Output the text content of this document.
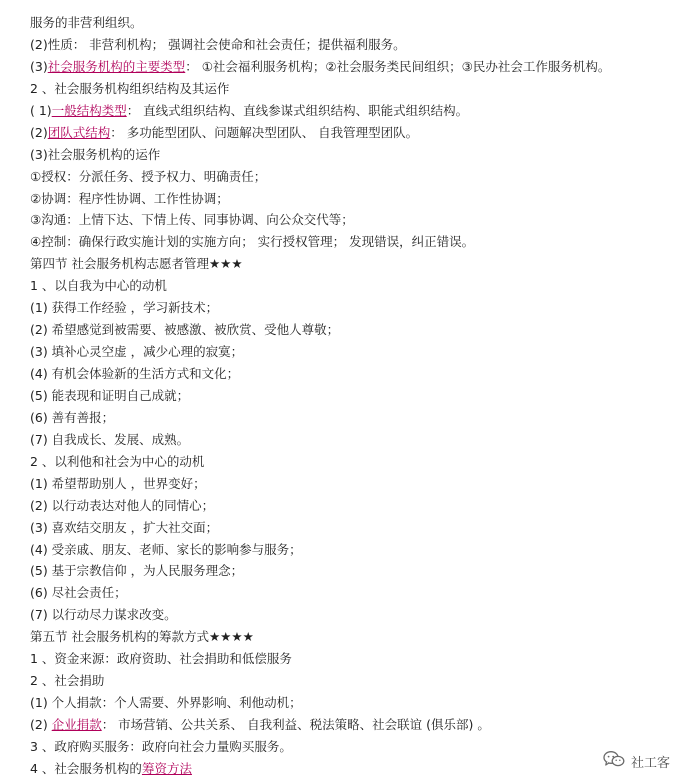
服务的非营利组织。
(2)性质： 非营利机构； 强调社会使命和社会责任；提供福利服务。
(3)社会服务机构的主要类型： ①社会福利服务机构；②社会服务类民间组织；③民办社会工作服务机构。
2 、社会服务机构组织结构及其运作
( 1)一般结构类型： 直线式组织结构、直线参谋式组织结构、职能式组织结构。
(2)团队式结构： 多功能型团队、问题解决型团队、 自我管理型团队。
(3)社会服务机构的运作
①授权：分派任务、授予权力、明确责任；
②协调：程序性协调、工作性协调；
③沟通：上情下达、下情上传、同事协调、向公众交代等；
④控制：确保行政实施计划的实施方向； 实行授权管理； 发现错误，纠正错误。
第四节 社会服务机构志愿者管理★★★
1 、以自我为中心的动机
(1) 获得工作经验 ，学习新技术；
(2) 希望感觉到被需要、被感激、被欣赏、受他人尊敬；
(3) 填补心灵空虚 ，减少心理的寂寞；
(4) 有机会体验新的生活方式和文化；
(5) 能表现和证明自己成就；
(6) 善有善报；
(7) 自我成长、发展、成熟。
2 、以利他和社会为中心的动机
(1) 希望帮助别人 ，世界变好；
(2) 以行动表达对他人的同情心；
(3) 喜欢结交朋友 ，扩大社交面；
(4) 受亲戚、朋友、老师、家长的影响参与服务；
(5) 基于宗教信仰 ，为人民服务理念；
(6) 尽社会责任；
(7) 以行动尽力谋求改变。
第五节 社会服务机构的筹款方式★★★★
1 、资金来源：政府资助、社会捐助和低偿服务
2 、社会捐助
(1) 个人捐款：个人需要、外界影响、利他动机；
(2) 企业捐款： 市场营销、公共关系、 自我利益、税法策略、社会联谊 (俱乐部) 。
3 、政府购买服务：政府向社会力量购买服务。
4 、社会服务机构的筹资方法	社工客
